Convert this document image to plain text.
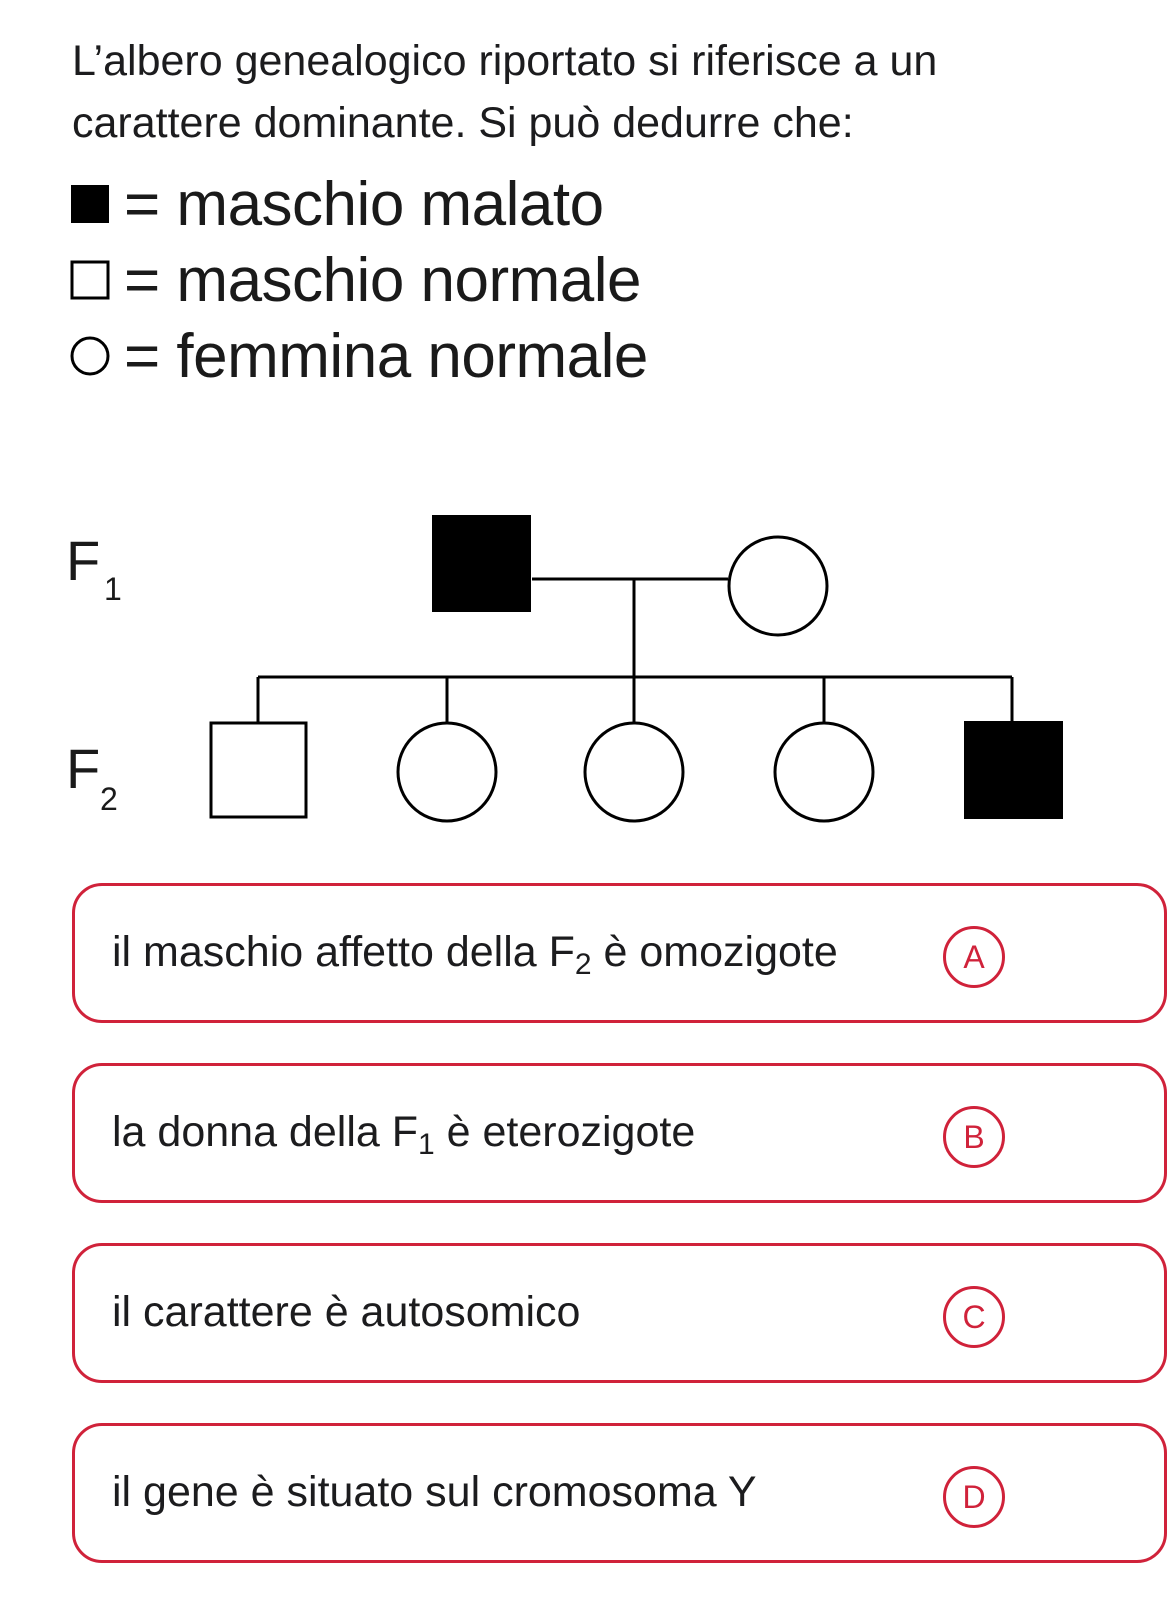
L’albero genealogico riportato si riferisce a un carattere dominante. Si può dedurre che:
= maschio malato
= maschio normale
= femmina normale
F 1
F 2
il maschio affetto della $F_2$ è omozigote	A
la donna della $F_1$ è eterozigote	B
il carattere è autosomico	C
il gene è situato sul cromosoma Y	D
